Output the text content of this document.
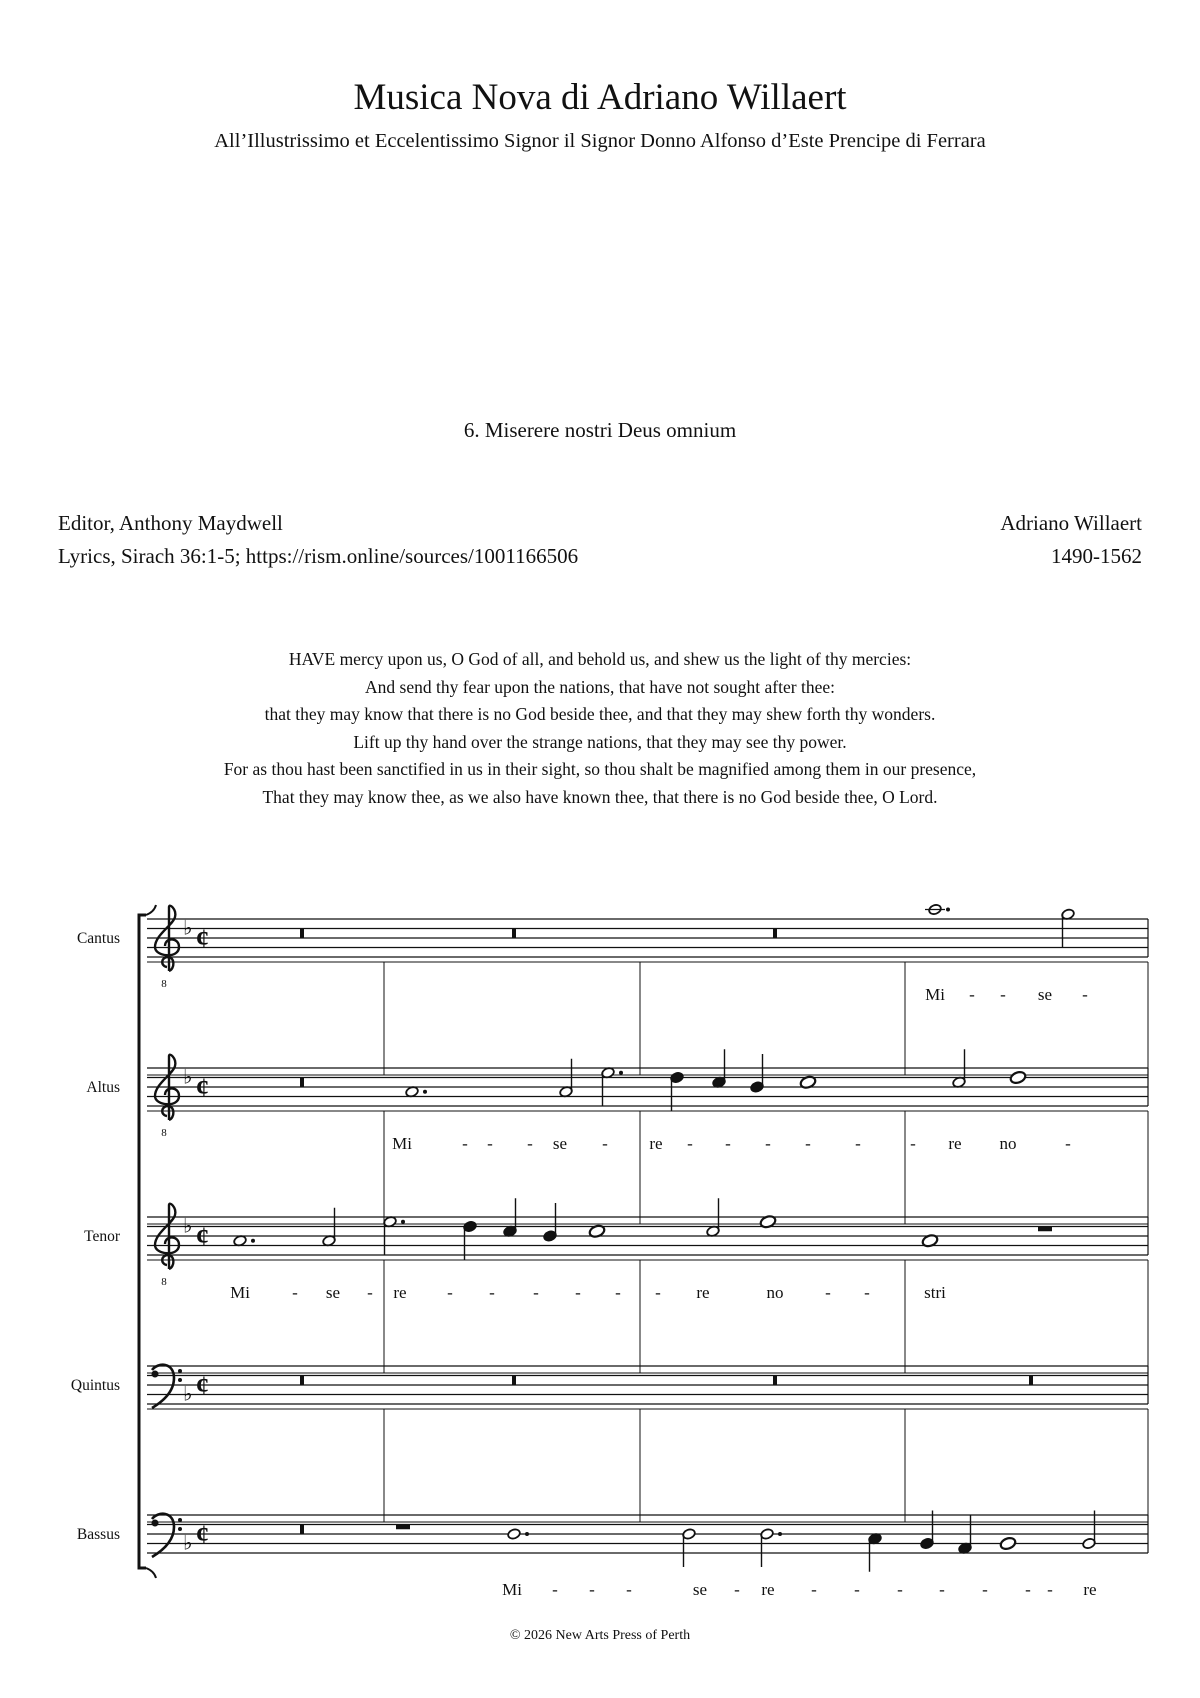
Musica Nova di Adriano Willaert
All’Illustrissimo et Eccelentissimo Signor il Signor Donno Alfonso d’Este Prencipe di Ferrara
6. Miserere nostri Deus omnium
Editor, Anthony Maydwell
Lyrics, Sirach 36:1-5; https://rism.online/sources/1001166506
Adriano Willaert
1490-1562
HAVE mercy upon us, O God of all, and behold us, and shew us the light of thy mercies:
And send thy fear upon the nations, that have not sought after thee:
that they may know that there is no God beside thee, and that they may shew forth thy wonders.
Lift up thy hand over the strange nations, that they may see thy power.
For as thou hast been sanctified in us in their sight, so thou shalt be magnified among them in our presence,
That they may know thee, as we also have known thee, that there is no God beside thee, O Lord.
Cantus
Altus
Tenor
Quintus
Bassus
8
♭ ¢
8
♭ ¢
8
♭ ¢
♭ ¢
♭ ¢
Mi - - se -
Mi	- - - se - re - - - -	-	- re no	-
Mi - se - re - - - - - - re	no - -	stri
Mi - - -	se - re - - - - - - - re
© 2026 New Arts Press of Perth
